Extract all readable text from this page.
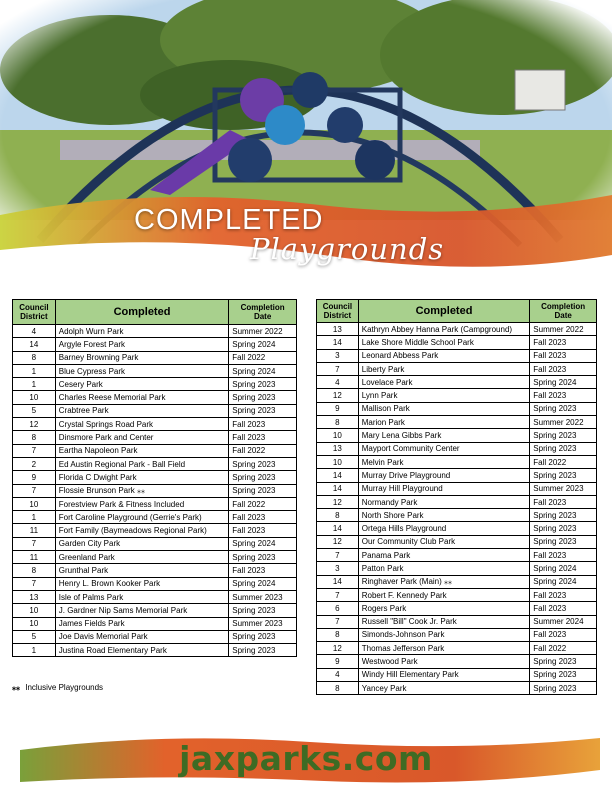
COMPLETED
Playgrounds
Council District	Completed	Completion Date
4	Adolph Wurn Park	Summer 2022
14	Argyle Forest Park	Spring 2024
8	Barney Browning Park	Fall 2022
1	Blue Cypress Park	Spring 2024
1	Cesery Park	Spring 2023
10	Charles Reese Memorial Park	Spring 2023
5	Crabtree Park	Spring 2023
12	Crystal Springs Road Park	Fall 2023
8	Dinsmore Park and Center	Fall 2023
7	Eartha Napoleon Park	Fall 2022
2	Ed Austin Regional Park - Ball Field	Spring 2023
9	Florida C Dwight Park	Spring 2023
7	Flossie Brunson Park ⁎⁎	Spring 2023
10	Forestview Park & Fitness Included	Fall 2022
1	Fort Caroline Playground (Gerrie's Park)	Fall 2023
11	Fort Family (Baymeadows Regional Park)	Fall 2023
7	Garden City Park	Spring 2024
11	Greenland Park	Spring 2023
8	Grunthal Park	Fall 2023
7	Henry L. Brown Kooker Park	Spring 2024
13	Isle of Palms Park	Summer 2023
10	J. Gardner Nip Sams Memorial Park	Spring 2023
10	James Fields Park	Summer 2023
5	Joe Davis Memorial Park	Spring 2023
1	Justina Road Elementary Park	Spring 2023
Council District	Completed	Completion Date
13	Kathryn Abbey Hanna Park (Campground)	Summer 2022
14	Lake Shore Middle School Park	Fall 2023
3	Leonard Abbess Park	Fall 2023
7	Liberty Park	Fall 2023
4	Lovelace Park	Spring 2024
12	Lynn Park	Fall 2023
9	Mallison Park	Spring 2023
8	Marion Park	Summer 2022
10	Mary Lena Gibbs Park	Spring 2023
13	Mayport Community Center	Spring 2023
10	Melvin Park	Fall 2022
14	Murray Drive Playground	Spring 2023
14	Murray Hill Playground	Summer 2023
12	Normandy Park	Fall 2023
8	North Shore Park	Spring 2023
14	Ortega Hills Playground	Spring 2023
12	Our Community Club Park	Spring 2023
7	Panama Park	Fall 2023
3	Patton Park	Spring 2024
14	Ringhaver Park (Main) ⁎⁎	Spring 2024
7	Robert F. Kennedy Park	Fall 2023
6	Rogers Park	Fall 2023
7	Russell "Bill" Cook Jr. Park	Summer 2024
8	Simonds-Johnson Park	Fall 2023
12	Thomas Jefferson Park	Fall 2022
9	Westwood Park	Spring 2023
4	Windy Hill Elementary Park	Spring 2023
8	Yancey Park	Spring 2023
⁎⁎ Inclusive Playgrounds
jaxparks.com
